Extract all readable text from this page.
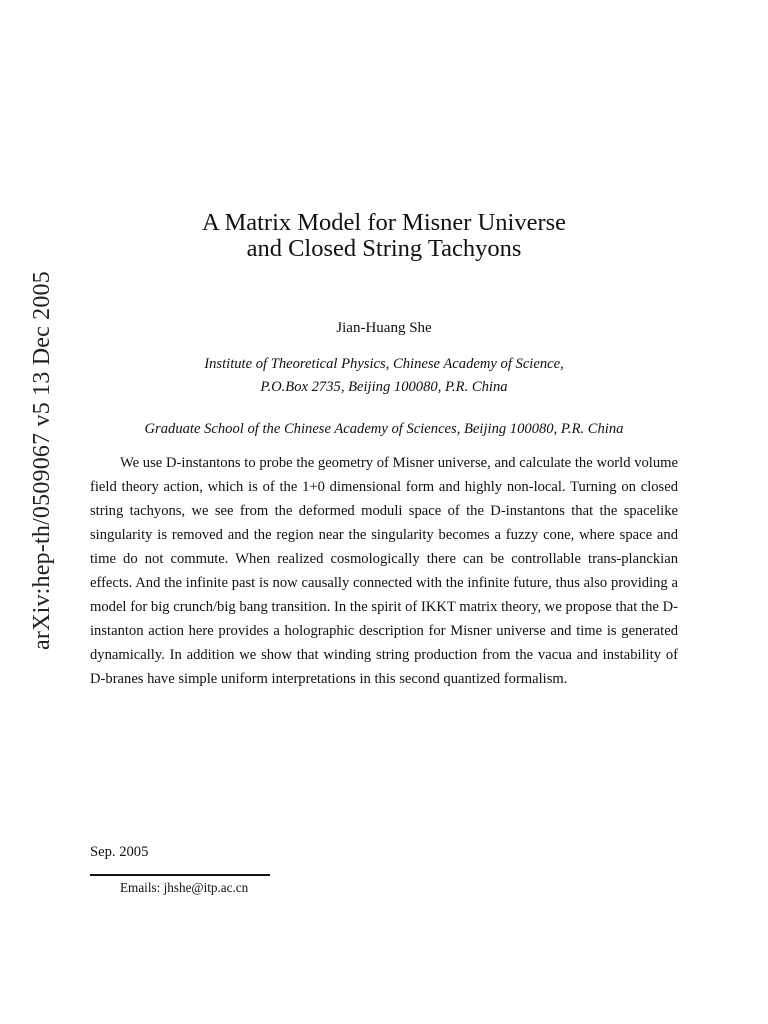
arXiv:hep-th/0509067 v5 13 Dec 2005
A Matrix Model for Misner Universe
and Closed String Tachyons
Jian-Huang She
Institute of Theoretical Physics, Chinese Academy of Science,
P.O.Box 2735, Beijing 100080, P.R. China
Graduate School of the Chinese Academy of Sciences, Beijing 100080, P.R. China

We use D-instantons to probe the geometry of Misner universe, and calculate the world volume field theory action, which is of the 1+0 dimensional form and highly non-local. Turning on closed string tachyons, we see from the deformed moduli space of the D-instantons that the spacelike singularity is removed and the region near the singularity becomes a fuzzy cone, where space and time do not commute. When realized cosmologically there can be controllable trans-planckian effects. And the infinite past is now causally connected with the infinite future, thus also providing a model for big crunch/big bang transition. In the spirit of IKKT matrix theory, we propose that the D-instanton action here provides a holographic description for Misner universe and time is generated dynamically. In addition we show that winding string production from the vacua and instability of D-branes have simple uniform interpretations in this second quantized formalism.

Sep. 2005
Emails: jhshe@itp.ac.cn
